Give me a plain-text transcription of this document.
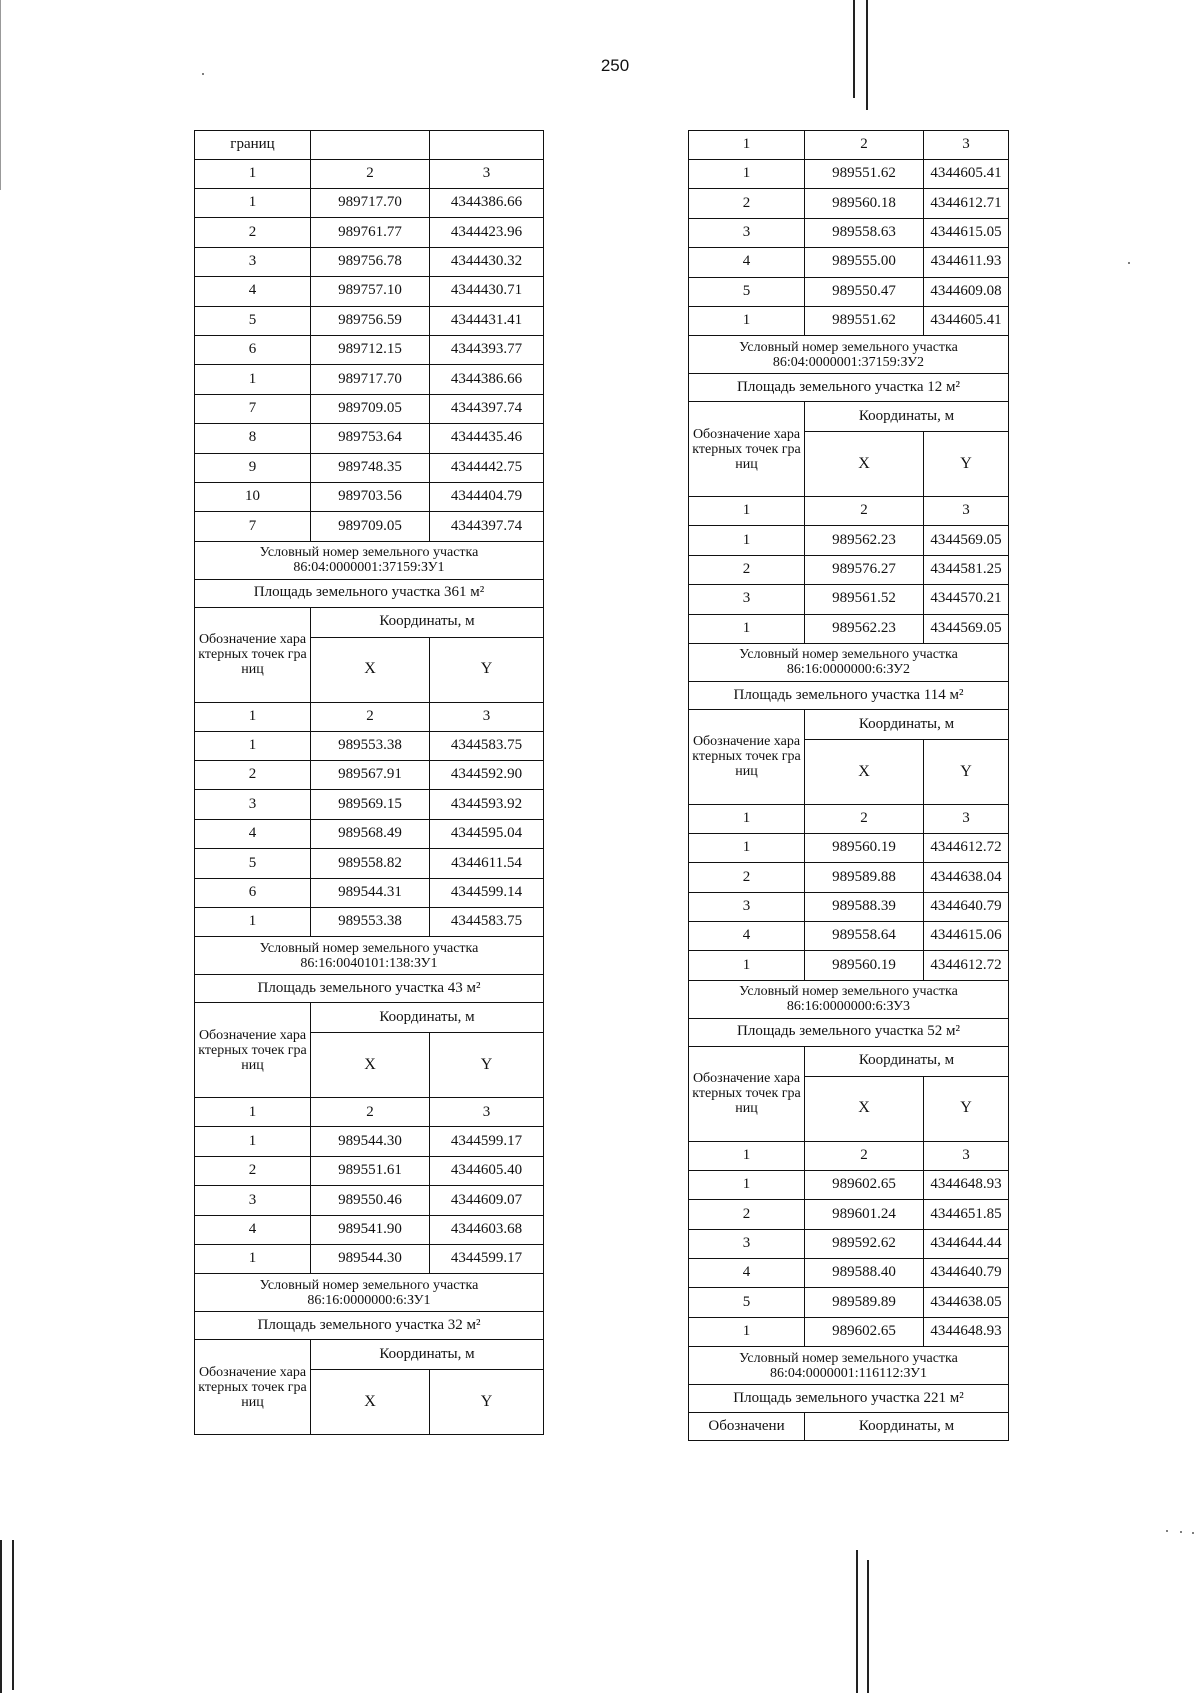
250
границ		
1	2	3
1	989717.70	4344386.66
2	989761.77	4344423.96
3	989756.78	4344430.32
4	989757.10	4344430.71
5	989756.59	4344431.41
6	989712.15	4344393.77
1	989717.70	4344386.66
7	989709.05	4344397.74
8	989753.64	4344435.46
9	989748.35	4344442.75
10	989703.56	4344404.79
7	989709.05	4344397.74
Условный номер земельного участка
86:04:0000001:37159:ЗУ1		
Площадь земельного участка 361 м²		
Обозначение характерных точек границ	Координаты, м	
	X	Y
1	2	3
1	989553.38	4344583.75
2	989567.91	4344592.90
3	989569.15	4344593.92
4	989568.49	4344595.04
5	989558.82	4344611.54
6	989544.31	4344599.14
1	989553.38	4344583.75
Условный номер земельного участка
86:16:0040101:138:ЗУ1		
Площадь земельного участка 43 м²		
Обозначение характерных точек границ	Координаты, м	
	X	Y
1	2	3
1	989544.30	4344599.17
2	989551.61	4344605.40
3	989550.46	4344609.07
4	989541.90	4344603.68
1	989544.30	4344599.17
Условный номер земельного участка
86:16:0000000:6:ЗУ1		
Площадь земельного участка 32 м²		
Обозначение характерных точек границ	Координаты, м	
	X	Y
1	2	3
1	989551.62	4344605.41
2	989560.18	4344612.71
3	989558.63	4344615.05
4	989555.00	4344611.93
5	989550.47	4344609.08
1	989551.62	4344605.41
Условный номер земельного участка
86:04:0000001:37159:ЗУ2		
Площадь земельного участка 12 м²		
Обозначение характерных точек границ	Координаты, м	
	X	Y
1	2	3
1	989562.23	4344569.05
2	989576.27	4344581.25
3	989561.52	4344570.21
1	989562.23	4344569.05
Условный номер земельного участка
86:16:0000000:6:ЗУ2		
Площадь земельного участка 114 м²		
Обозначение характерных точек границ	Координаты, м	
	X	Y
1	2	3
1	989560.19	4344612.72
2	989589.88	4344638.04
3	989588.39	4344640.79
4	989558.64	4344615.06
1	989560.19	4344612.72
Условный номер земельного участка
86:16:0000000:6:ЗУ3		
Площадь земельного участка 52 м²		
Обозначение характерных точек границ	Координаты, м	
	X	Y
1	2	3
1	989602.65	4344648.93
2	989601.24	4344651.85
3	989592.62	4344644.44
4	989588.40	4344640.79
5	989589.89	4344638.05
1	989602.65	4344648.93
Условный номер земельного участка
86:04:0000001:116112:ЗУ1		
Площадь земельного участка 221 м²		
Обозначени	Координаты, м	
